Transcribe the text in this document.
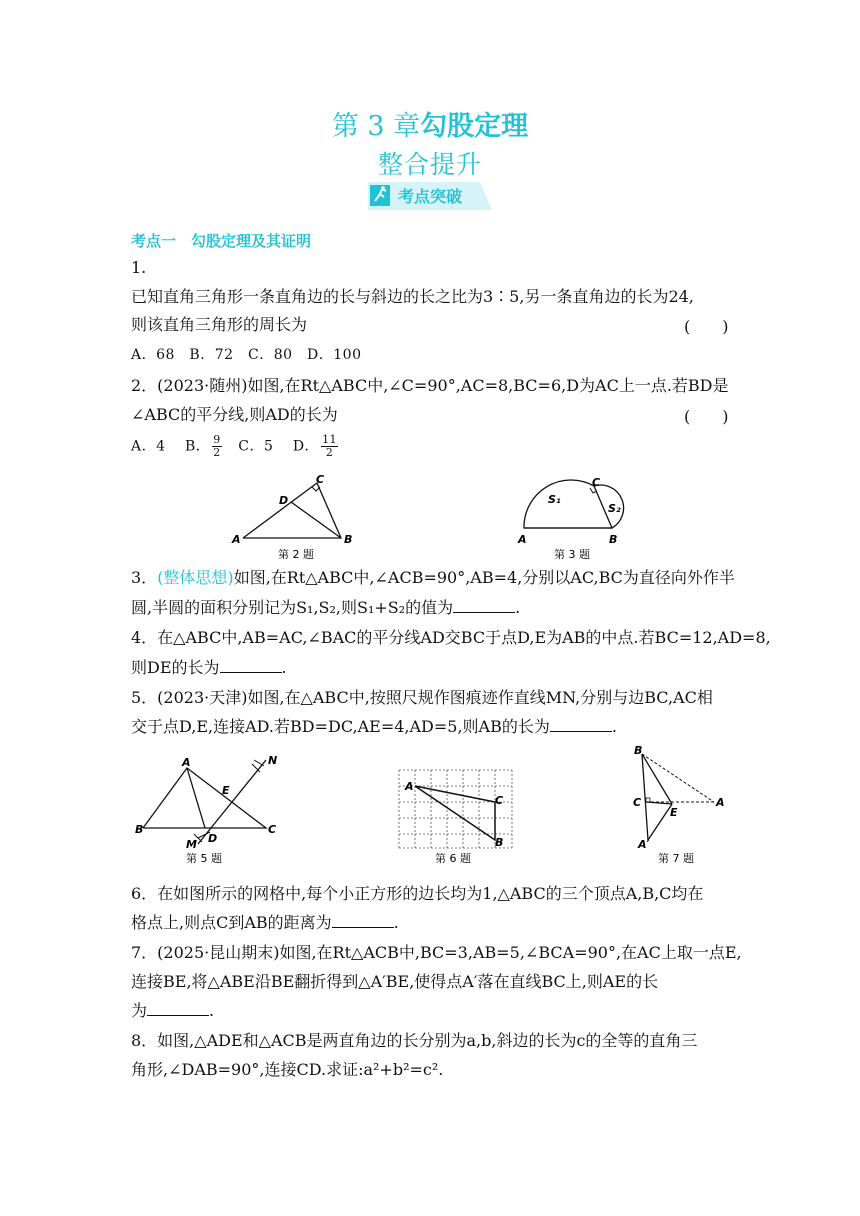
第 3 章勾股定理
整合提升
考点突破
考点一　勾股定理及其证明
1.
已知直角三角形一条直角边的长与斜边的长之比为3∶5,另一条直角边的长为24,
则该直角三角形的周长为	(　　)
A．68　B．72　C．80　D．100
2．(2023·随州)如图,在Rt△ABC中,∠C=90°,AC=8,BC=6,D为AC上一点.若BD是
∠ABC的平分线,则AD的长为	(　　)
A．4　 B． $\frac{9}{2}$ 　C．5　 D． $\frac{11}{2}$
A	B
C
D
第 2 题
A	B
C
S₁
S₂
第 3 题
3．(整体思想)如图,在Rt△ABC中,∠ACB=90°,AB=4,分别以AC,BC为直径向外作半
圆,半圆的面积分别记为S₁,S₂,则S₁+S₂的值为	.
4．在△ABC中,AB=AC,∠BAC的平分线AD交BC于点D,E为AB的中点.若BC=12,AD=8,
则DE的长为	.
5．(2023·天津)如图,在△ABC中,按照尺规作图痕迹作直线MN,分别与边BC,AC相
交于点D,E,连接AD.若BD=DC,AE=4,AD=5,则AB的长为	.
A
B	C
D
E
M
N
第 5 题
A
C
B
第 6 题
B
C	A
E
A′
第 7 题
6．在如图所示的网格中,每个小正方形的边长均为1,△ABC的三个顶点A,B,C均在
格点上,则点C到AB的距离为	.
7．(2025·昆山期末)如图,在Rt△ACB中,BC=3,AB=5,∠BCA=90°,在AC上取一点E,
连接BE,将△ABE沿BE翻折得到△A′BE,使得点A′落在直线BC上,则AE的长
为	.
8．如图,△ADE和△ACB是两直角边的长分别为a,b,斜边的长为c的全等的直角三
角形,∠DAB=90°,连接CD.求证:a²+b²=c².
